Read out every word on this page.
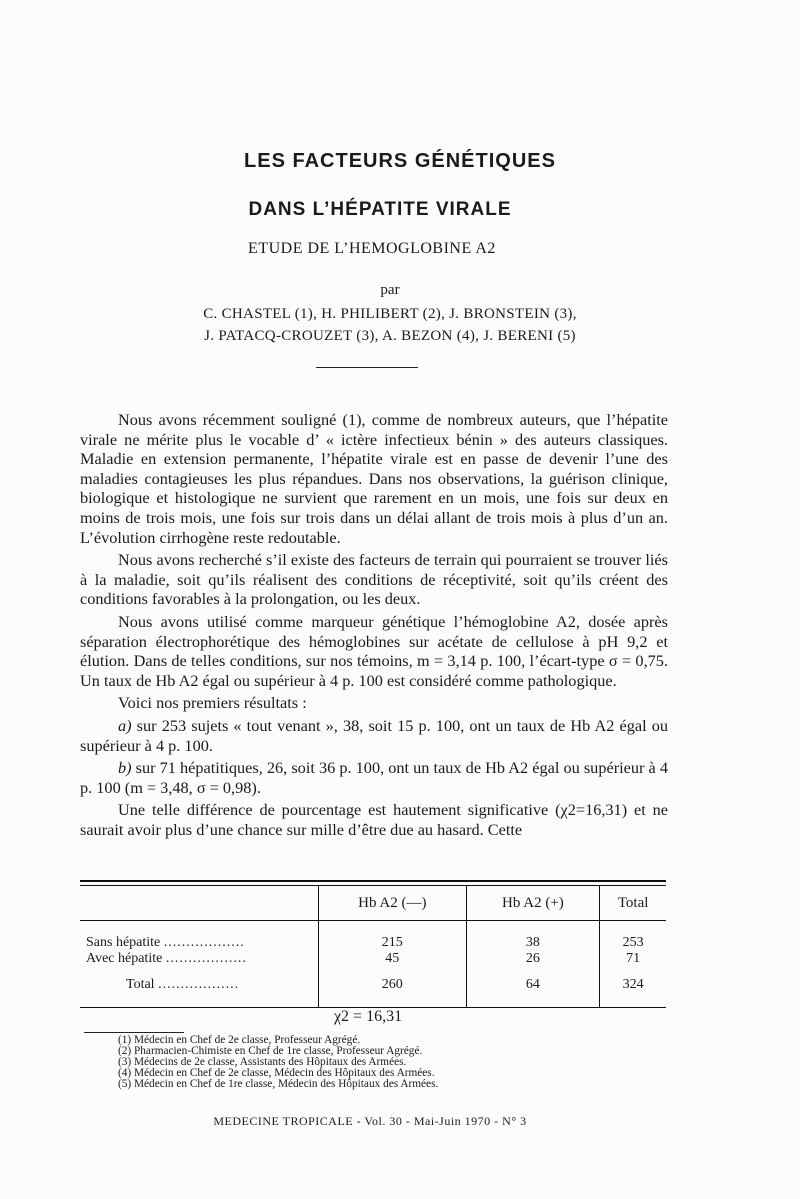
LES FACTEURS GÉNÉTIQUES
DANS L’HÉPATITE VIRALE
ETUDE DE L’HEMOGLOBINE A2
par
C. CHASTEL (1), H. PHILIBERT (2), J. BRONSTEIN (3),
J. PATACQ-CROUZET (3), A. BEZON (4), J. BERENI (5)

Nous avons récemment souligné (1), comme de nombreux auteurs, que l’hépatite virale ne mérite plus le vocable d’ « ictère infectieux bénin » des auteurs classiques. Maladie en extension permanente, l’hépatite virale est en passe de devenir l’une des maladies contagieuses les plus répandues. Dans nos observations, la guérison clinique, biologique et histologique ne survient que rarement en un mois, une fois sur deux en moins de trois mois, une fois sur trois dans un délai allant de trois mois à plus d’un an. L’évolution cirrhogène reste redoutable.

Nous avons recherché s’il existe des facteurs de terrain qui pourraient se trouver liés à la maladie, soit qu’ils réalisent des conditions de réceptivité, soit qu’ils créent des conditions favorables à la prolongation, ou les deux.

Nous avons utilisé comme marqueur génétique l’hémoglobine A2, dosée après séparation électrophorétique des hémoglobines sur acétate de cellulose à pH 9,2 et élution. Dans de telles conditions, sur nos témoins, m = 3,14 p. 100, l’écart-type σ = 0,75. Un taux de Hb A2 égal ou supérieur à 4 p. 100 est considéré comme pathologique.

Voici nos premiers résultats :

a) sur 253 sujets « tout venant », 38, soit 15 p. 100, ont un taux de Hb A2 égal ou supérieur à 4 p. 100.

b) sur 71 hépatitiques, 26, soit 36 p. 100, ont un taux de Hb A2 égal ou supérieur à 4 p. 100 (m = 3,48, σ = 0,98).

Une telle différence de pourcentage est hautement significative (χ2=16,31) et ne saurait avoir plus d’une chance sur mille d’être due au hasard. Cette

	Hb A2 (—)	Hb A2 (+)	Total
Sans hépatite ..................	215	38	253
Avec hépatite ..................	45	26	71
Total ..................	260	64	324
χ2 = 16,31
(1) Médecin en Chef de 2e classe, Professeur Agrégé.
(2) Pharmacien-Chimiste en Chef de 1re classe, Professeur Agrégé.
(3) Médecins de 2e classe, Assistants des Hôpitaux des Armées.
(4) Médecin en Chef de 2e classe, Médecin des Hôpitaux des Armées.
(5) Médecin en Chef de 1re classe, Médecin des Hôpitaux des Armées.
MEDECINE TROPICALE - Vol. 30 - Mai-Juin 1970 - N° 3
